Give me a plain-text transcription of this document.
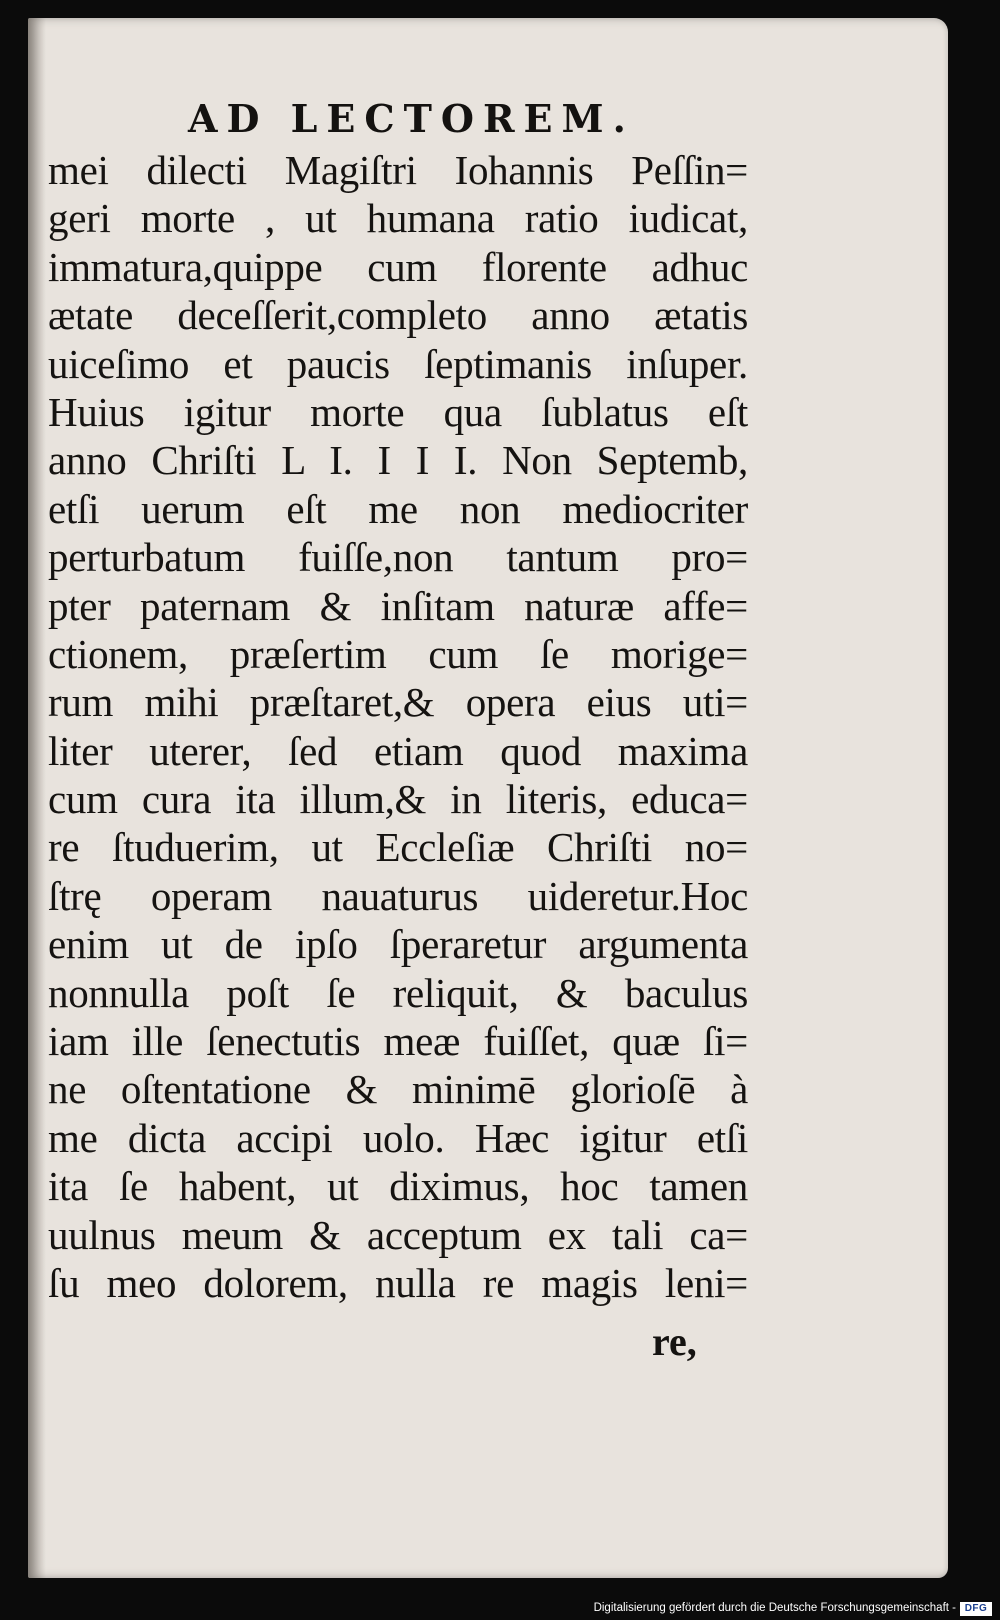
AD LECTOREM.
mei dilecti Magiſtri Iohannis Peſſin=
geri morte , ut humana ratio iudicat,
immatura,quippe cum florente adhuc
ætate deceſſerit,completo anno ætatis
uiceſimo et paucis ſeptimanis inſuper.
Huius igitur morte qua ſublatus eſt
anno Chriſti L I. I I I. Non Septemb,
etſi uerum eſt me non mediocriter
perturbatum fuiſſe,non tantum pro=
pter paternam & inſitam naturæ affe=
ctionem, præſertim cum ſe morige=
rum mihi præſtaret,& opera eius uti=
liter uterer, ſed etiam quod maxima
cum cura ita illum,& in literis, educa=
re ſtuduerim, ut Eccleſiæ Chriſti no=
ſtrę operam nauaturus uideretur.Hoc
enim ut de ipſo ſperaretur argumenta
nonnulla poſt ſe reliquit, & baculus
iam ille ſenectutis meæ fuiſſet, quæ ſi=
ne oſtentatione & minimē glorioſē à
me dicta accipi uolo. Hæc igitur etſi
ita ſe habent, ut diximus, hoc tamen
uulnus meum & acceptum ex tali ca=
ſu meo dolorem, nulla re magis leni=
re,
Digitalisierung gefördert durch die Deutsche Forschungsgemeinschaft - DFG
